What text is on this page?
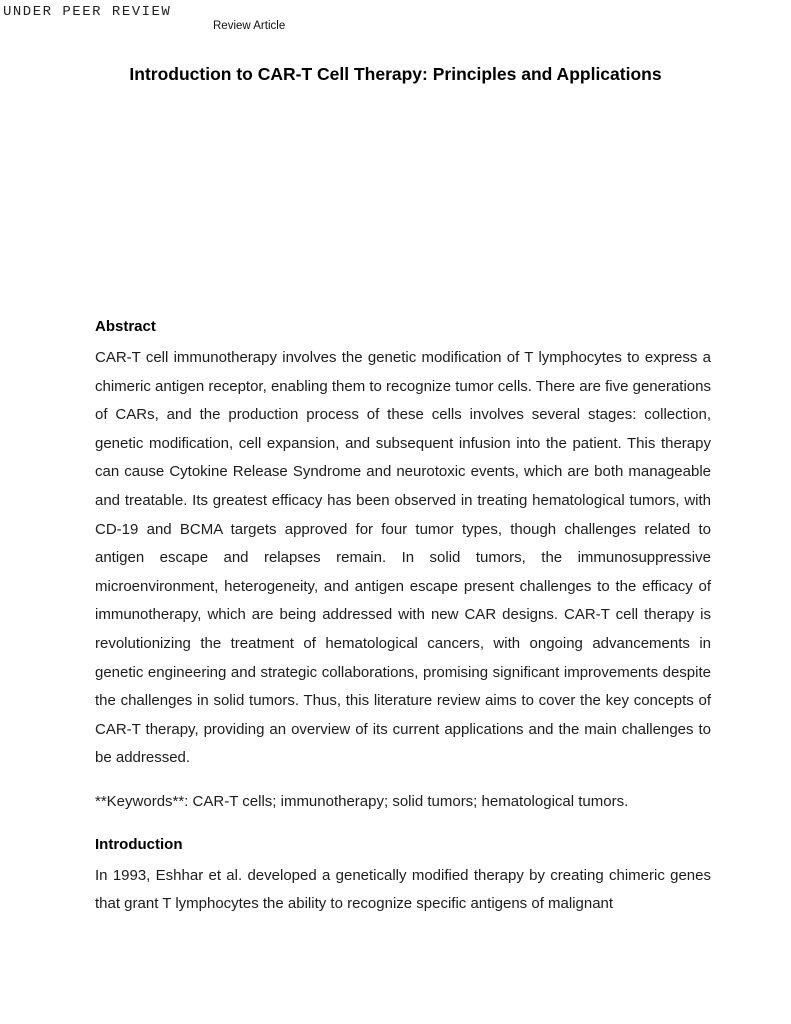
UNDER PEER REVIEW
Review Article
Introduction to CAR-T Cell Therapy: Principles and Applications
Abstract

CAR-T cell immunotherapy involves the genetic modification of T lymphocytes to express a chimeric antigen receptor, enabling them to recognize tumor cells. There are five generations of CARs, and the production process of these cells involves several stages: collection, genetic modification, cell expansion, and subsequent infusion into the patient. This therapy can cause Cytokine Release Syndrome and neurotoxic events, which are both manageable and treatable. Its greatest efficacy has been observed in treating hematological tumors, with CD-19 and BCMA targets approved for four tumor types, though challenges related to antigen escape and relapses remain. In solid tumors, the immunosuppressive microenvironment, heterogeneity, and antigen escape present challenges to the efficacy of immunotherapy, which are being addressed with new CAR designs. CAR-T cell therapy is revolutionizing the treatment of hematological cancers, with ongoing advancements in genetic engineering and strategic collaborations, promising significant improvements despite the challenges in solid tumors. Thus, this literature review aims to cover the key concepts of CAR-T therapy, providing an overview of its current applications and the main challenges to be addressed.

**Keywords**: CAR-T cells; immunotherapy; solid tumors; hematological tumors.

Introduction

In 1993, Eshhar et al. developed a genetically modified therapy by creating chimeric genes that grant T lymphocytes the ability to recognize specific antigens of malignant
